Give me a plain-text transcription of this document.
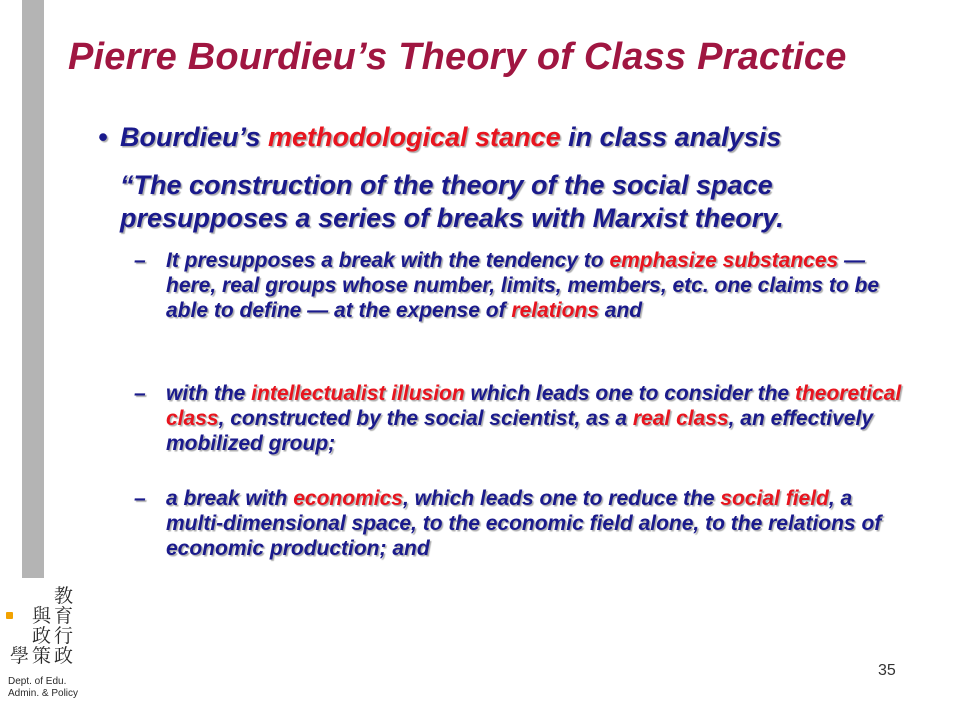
Pierre Bourdieu’s Theory of Class Practice
• Bourdieu’s methodological stance in class analysis
“The construction of the theory of the social space presupposes a series of breaks with Marxist theory.
– It presupposes a break with the tendency to emphasize substances — here, real groups whose number, limits, members, etc. one claims to be able to define — at the expense of relations and
– with the intellectualist illusion which leads one to consider the theoretical class, constructed by the social scientist, as a real class, an effectively mobilized group;
– a break with economics, which leads one to reduce the social field, a multi-dimensional space, to the economic field alone, to the relations of economic production; and
教
與 育
政 行
學 策 政
Dept. of Edu.
Admin. & Policy
35
